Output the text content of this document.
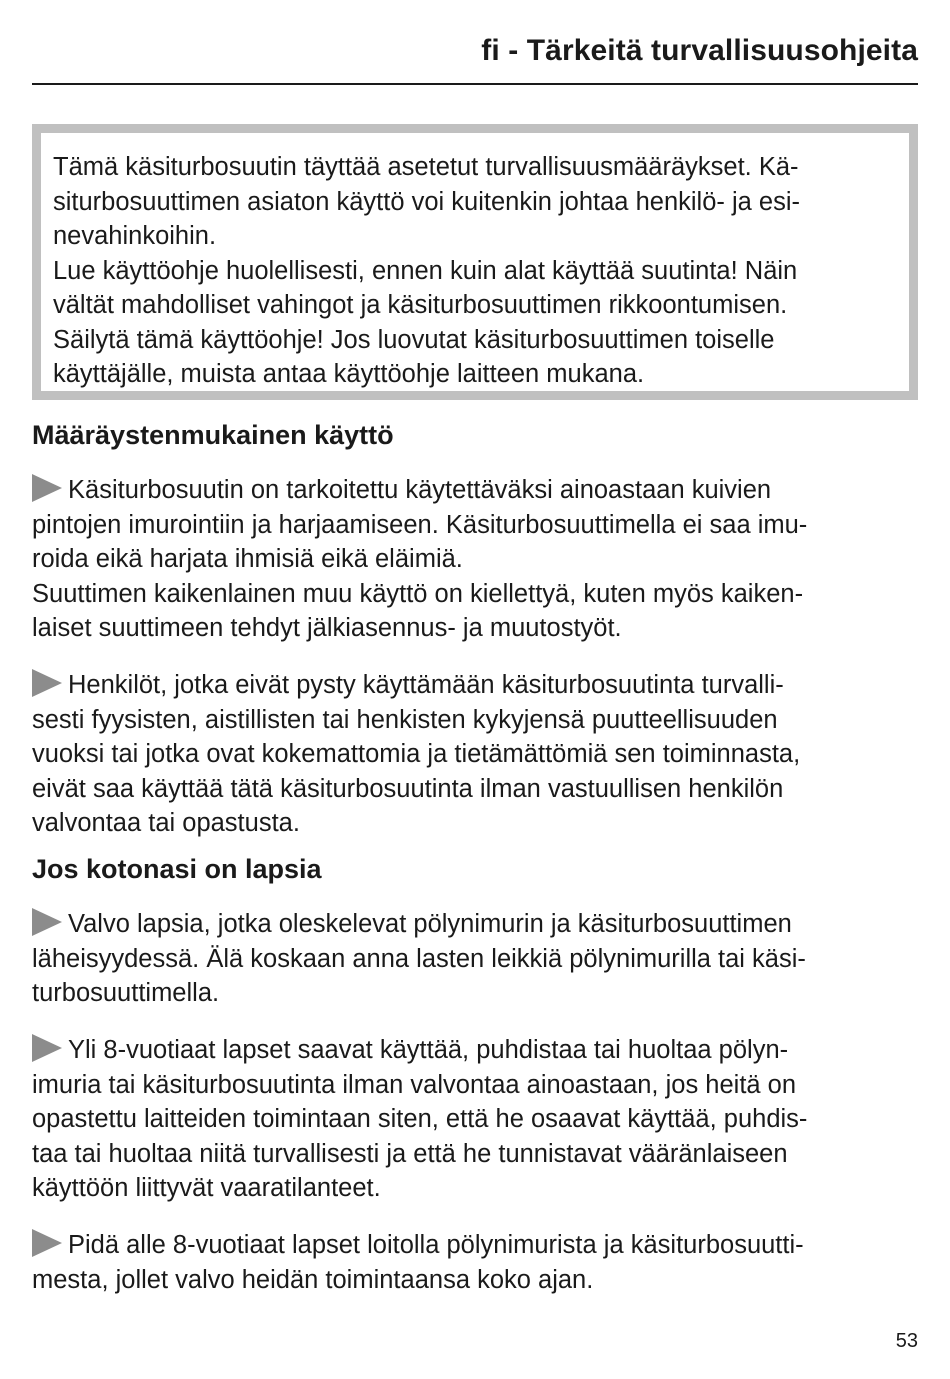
fi - Tärkeitä turvallisuusohjeita
Tämä käsiturbosuutin täyttää asetetut turvallisuusmääräykset. Kä-
siturbosuuttimen asiaton käyttö voi kuitenkin johtaa henkilö- ja esi-
nevahinkoihin.
Lue käyttöohje huolellisesti, ennen kuin alat käyttää suutinta! Näin
vältät mahdolliset vahingot ja käsiturbosuuttimen rikkoontumisen.
Säilytä tämä käyttöohje! Jos luovutat käsiturbosuuttimen toiselle
käyttäjälle, muista antaa käyttöohje laitteen mukana.
Määräystenmukainen käyttö
Käsiturbosuutin on tarkoitettu käytettäväksi ainoastaan kuivien
pintojen imurointiin ja harjaamiseen. Käsiturbosuuttimella ei saa imu-
roida eikä harjata ihmisiä eikä eläimiä.
Suuttimen kaikenlainen muu käyttö on kiellettyä, kuten myös kaiken-
laiset suuttimeen tehdyt jälkiasennus- ja muutostyöt.
Henkilöt, jotka eivät pysty käyttämään käsiturbosuutinta turvalli-
sesti fyysisten, aistillisten tai henkisten kykyjensä puutteellisuuden
vuoksi tai jotka ovat kokemattomia ja tietämättömiä sen toiminnasta,
eivät saa käyttää tätä käsiturbosuutinta ilman vastuullisen henkilön
valvontaa tai opastusta.
Jos kotonasi on lapsia
Valvo lapsia, jotka oleskelevat pölynimurin ja käsiturbosuuttimen
läheisyydessä. Älä koskaan anna lasten leikkiä pölynimurilla tai käsi-
turbosuuttimella.
Yli 8-vuotiaat lapset saavat käyttää, puhdistaa tai huoltaa pölyn-
imuria tai käsiturbosuutinta ilman valvontaa ainoastaan, jos heitä on
opastettu laitteiden toimintaan siten, että he osaavat käyttää, puhdis-
taa tai huoltaa niitä turvallisesti ja että he tunnistavat vääränlaiseen
käyttöön liittyvät vaaratilanteet.
Pidä alle 8-vuotiaat lapset loitolla pölynimurista ja käsiturbosuutti-
mesta, jollet valvo heidän toimintaansa koko ajan.
53
